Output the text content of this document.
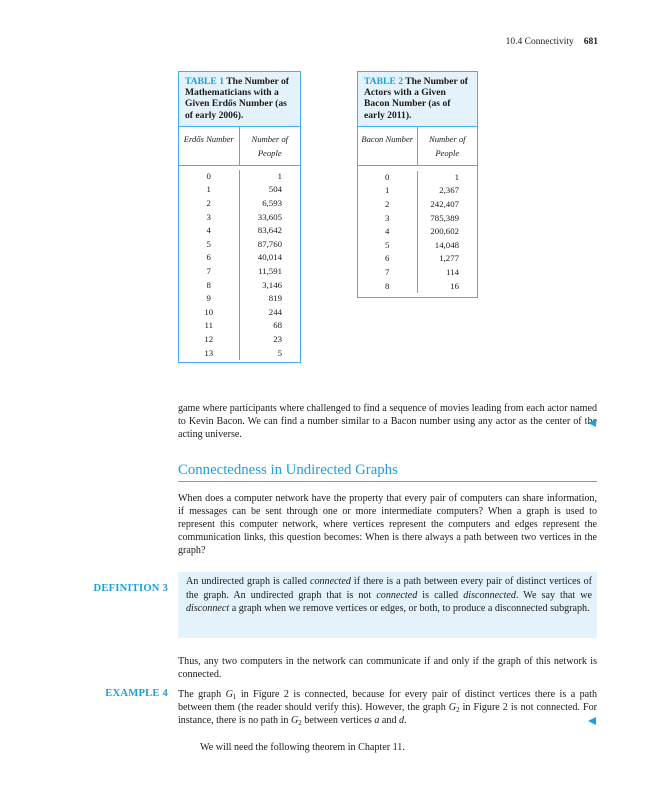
10.4 Connectivity 681
TABLE 1 The Number of Mathematicians with a Given Erdős Number (as of early 2006).
Erdős Number	Number of People
0
1
2
3
4
5
6
7
8
9
10
11
12
13
1
504
6,593
33,605
83,642
87,760
40,014
11,591
3,146
819
244
68
23
5
TABLE 2 The Number of Actors with a Given Bacon Number (as of early 2011).
Bacon Number	Number of People
0
1
2
3
4
5
6
7
8
1
2,367
242,407
785,389
200,602
14,048
1,277
114
16
game where participants where challenged to find a sequence of movies leading from each actor named to Kevin Bacon. We can find a number similar to a Bacon number using any actor as the center of the acting universe.
Connectedness in Undirected Graphs
When does a computer network have the property that every pair of computers can share information, if messages can be sent through one or more intermediate computers? When a graph is used to represent this computer network, where vertices represent the computers and edges represent the communication links, this question becomes: When is there always a path between two vertices in the graph?
DEFINITION 3
An undirected graph is called connected if there is a path between every pair of distinct vertices of the graph. An undirected graph that is not connected is called disconnected. We say that we disconnect a graph when we remove vertices or edges, or both, to produce a disconnected subgraph.
Thus, any two computers in the network can communicate if and only if the graph of this network is connected.
EXAMPLE 4 The graph $G_1$ in Figure 2 is connected, because for every pair of distinct vertices there is a path between them (the reader should verify this). However, the graph $G_2$ in Figure 2 is not connected. For instance, there is no path in $G_2$ between vertices a and d.
We will need the following theorem in Chapter 11.
